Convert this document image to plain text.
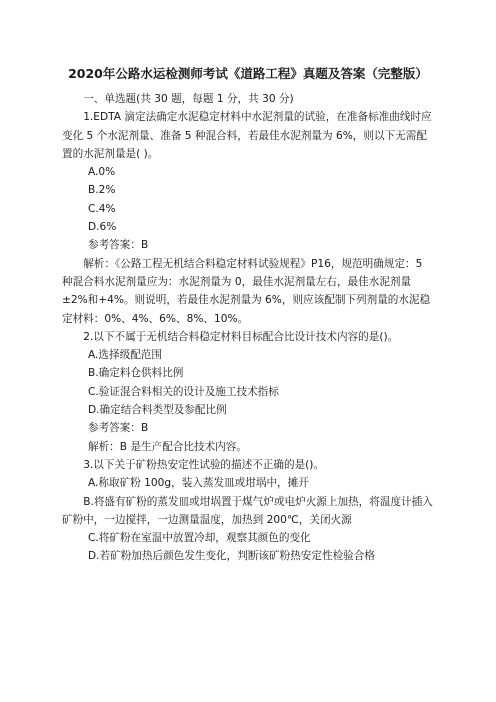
2020年公路水运检测师考试《道路工程》真题及答案（完整版）

一、单选题(共 30 题，每题 1 分，共 30 分)

1.EDTA 滴定法确定水泥稳定材料中水泥剂量的试验，在准备标准曲线时应变化 5 个水泥剂量、准备 5 种混合料，若最佳水泥剂量为 6%，则以下无需配置的水泥剂量是( )。

A.0%

B.2%

C.4%

D.6%

参考答案：B

解析：《公路工程无机结合料稳定材料试验规程》P16，规范明确规定：5 种混合料水泥剂量应为：水泥剂量为 0，最佳水泥剂量左右，最佳水泥剂量±2%和+4%。则说明，若最佳水泥剂量为 6%，则应该配制下列剂量的水泥稳定材料：0%、4%、6%、8%、10%。

2.以下不属于无机结合料稳定材料目标配合比设计技术内容的是()。

A.选择级配范围

B.确定料仓供料比例

C.验证混合料相关的设计及施工技术指标

D.确定结合料类型及参配比例

参考答案：B

解析：B 是生产配合比技术内容。

3.以下关于矿粉热安定性试验的描述不正确的是()。

A.称取矿粉 100g，装入蒸发皿或坩埚中，摊开

B.将盛有矿粉的蒸发皿或坩埚置于煤气炉或电炉火源上加热，将温度计插入矿粉中，一边搅拌，一边测量温度，加热到 200℃，关闭火源

C.将矿粉在室温中放置冷却，观察其颜色的变化

D.若矿粉加热后颜色发生变化，判断该矿粉热安定性检验合格
